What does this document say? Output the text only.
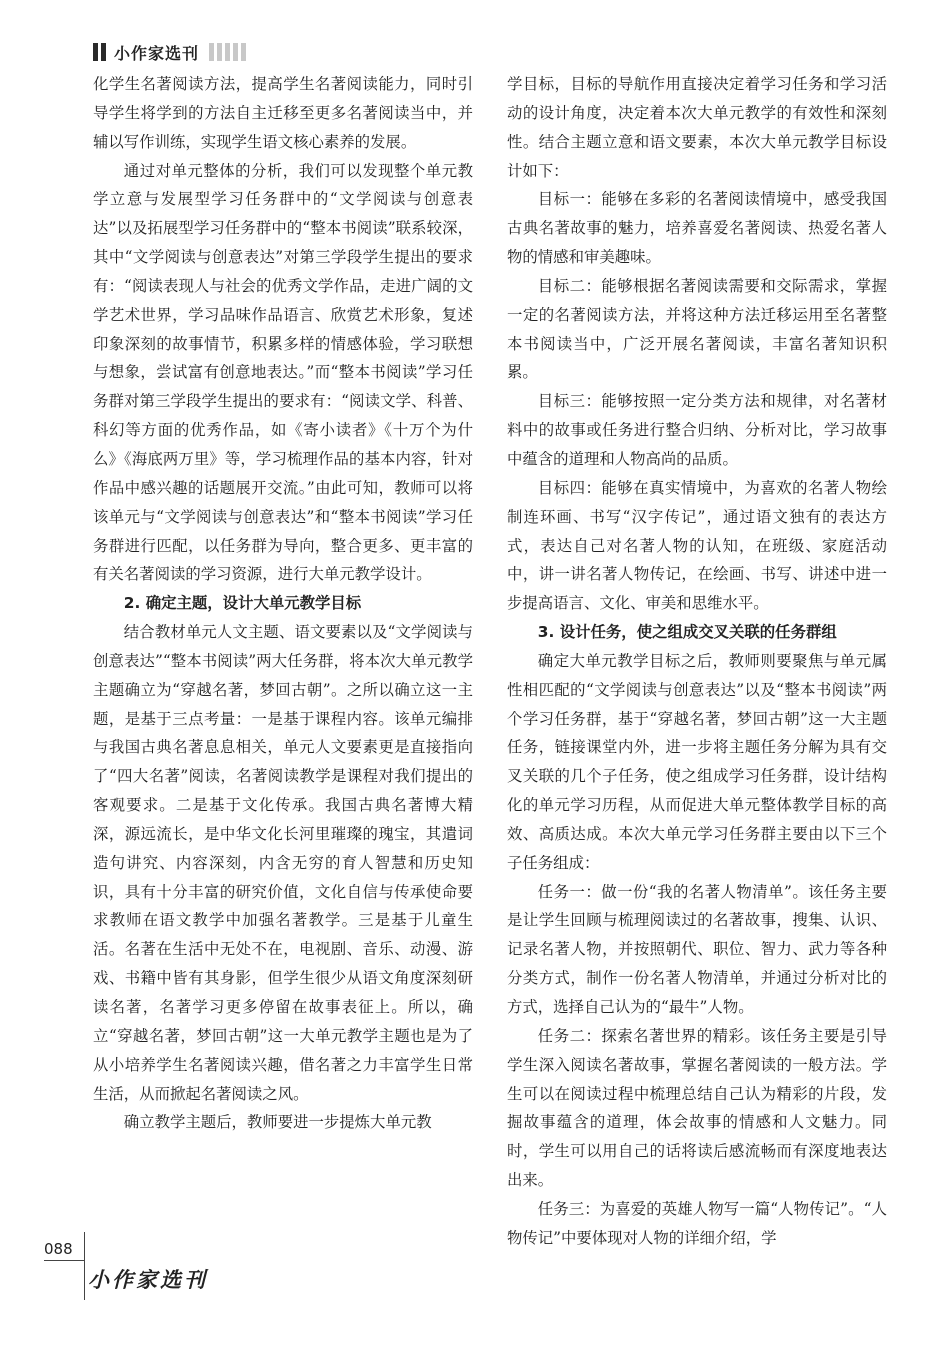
小作家选刊

化学生名著阅读方法，提高学生名著阅读能力，同时引导学生将学到的方法自主迁移至更多名著阅读当中，并辅以写作训练，实现学生语文核心素养的发展。

通过对单元整体的分析，我们可以发现整个单元教学立意与发展型学习任务群中的“文学阅读与创意表达”以及拓展型学习任务群中的“整本书阅读”联系较深，其中“文学阅读与创意表达”对第三学段学生提出的要求有：“阅读表现人与社会的优秀文学作品，走进广阔的文学艺术世界，学习品味作品语言、欣赏艺术形象，复述印象深刻的故事情节，积累多样的情感体验，学习联想与想象，尝试富有创意地表达。”而“整本书阅读”学习任务群对第三学段学生提出的要求有：“阅读文学、科普、科幻等方面的优秀作品，如《寄小读者》《十万个为什么》《海底两万里》等，学习梳理作品的基本内容，针对作品中感兴趣的话题展开交流。”由此可知，教师可以将该单元与“文学阅读与创意表达”和“整本书阅读”学习任务群进行匹配，以任务群为导向，整合更多、更丰富的有关名著阅读的学习资源，进行大单元教学设计。

2. 确定主题，设计大单元教学目标

结合教材单元人文主题、语文要素以及“文学阅读与创意表达”“整本书阅读”两大任务群，将本次大单元教学主题确立为“穿越名著，梦回古朝”。之所以确立这一主题，是基于三点考量：一是基于课程内容。该单元编排与我国古典名著息息相关，单元人文要素更是直接指向了“四大名著”阅读，名著阅读教学是课程对我们提出的客观要求。二是基于文化传承。我国古典名著博大精深，源远流长，是中华文化长河里璀璨的瑰宝，其遣词造句讲究、内容深刻，内含无穷的育人智慧和历史知识，具有十分丰富的研究价值，文化自信与传承使命要求教师在语文教学中加强名著教学。三是基于儿童生活。名著在生活中无处不在，电视剧、音乐、动漫、游戏、书籍中皆有其身影，但学生很少从语文角度深刻研读名著，名著学习更多停留在故事表征上。所以，确立“穿越名著，梦回古朝”这一大单元教学主题也是为了从小培养学生名著阅读兴趣，借名著之力丰富学生日常生活，从而掀起名著阅读之风。

确立教学主题后，教师要进一步提炼大单元教

学目标，目标的导航作用直接决定着学习任务和学习活动的设计角度，决定着本次大单元教学的有效性和深刻性。结合主题立意和语文要素，本次大单元教学目标设计如下：

目标一：能够在多彩的名著阅读情境中，感受我国古典名著故事的魅力，培养喜爱名著阅读、热爱名著人物的情感和审美趣味。

目标二：能够根据名著阅读需要和交际需求，掌握一定的名著阅读方法，并将这种方法迁移运用至名著整本书阅读当中，广泛开展名著阅读，丰富名著知识积累。

目标三：能够按照一定分类方法和规律，对名著材料中的故事或任务进行整合归纳、分析对比，学习故事中蕴含的道理和人物高尚的品质。

目标四：能够在真实情境中，为喜欢的名著人物绘制连环画、书写“汉字传记”，通过语文独有的表达方式，表达自己对名著人物的认知，在班级、家庭活动中，讲一讲名著人物传记，在绘画、书写、讲述中进一步提高语言、文化、审美和思维水平。

3. 设计任务，使之组成交叉关联的任务群组

确定大单元教学目标之后，教师则要聚焦与单元属性相匹配的“文学阅读与创意表达”以及“整本书阅读”两个学习任务群，基于“穿越名著，梦回古朝”这一大主题任务，链接课堂内外，进一步将主题任务分解为具有交叉关联的几个子任务，使之组成学习任务群，设计结构化的单元学习历程，从而促进大单元整体教学目标的高效、高质达成。本次大单元学习任务群主要由以下三个子任务组成：

任务一：做一份“我的名著人物清单”。该任务主要是让学生回顾与梳理阅读过的名著故事，搜集、认识、记录名著人物，并按照朝代、职位、智力、武力等各种分类方式，制作一份名著人物清单，并通过分析对比的方式，选择自己认为的“最牛”人物。

任务二：探索名著世界的精彩。该任务主要是引导学生深入阅读名著故事，掌握名著阅读的一般方法。学生可以在阅读过程中梳理总结自己认为精彩的片段，发掘故事蕴含的道理，体会故事的情感和人文魅力。同时，学生可以用自己的话将读后感流畅而有深度地表达出来。

任务三：为喜爱的英雄人物写一篇“人物传记”。“人物传记”中要体现对人物的详细介绍，学

088
小作家选刊
